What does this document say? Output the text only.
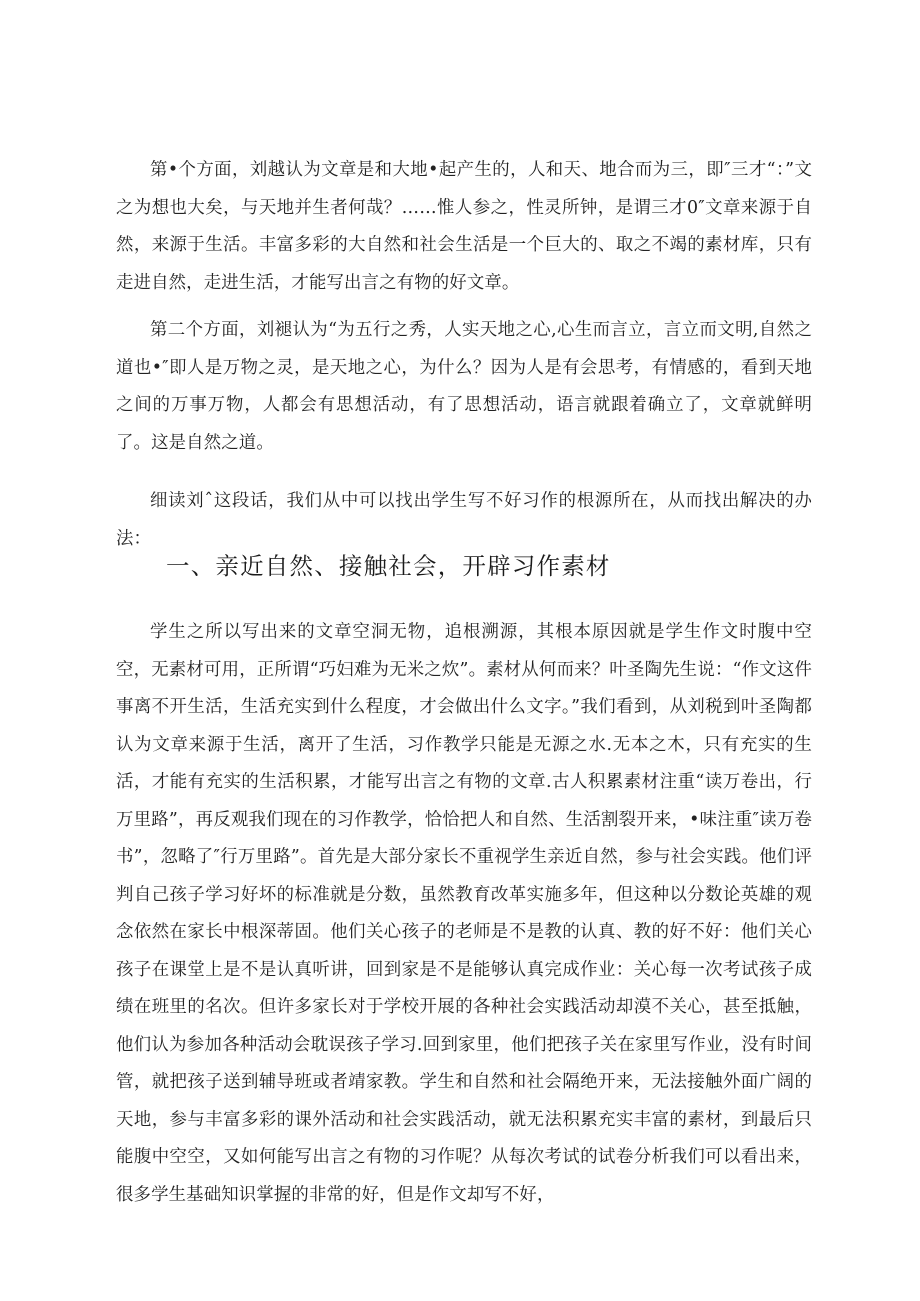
第•个方面，刘越认为文章是和大地•起产生的，人和天、地合而为三，即″三才“：”文之为想也大矣，与天地并生者何哉？……惟人参之，性灵所钟，是谓三才0″文章来源于自然，来源于生活。丰富多彩的大自然和社会生活是一个巨大的、取之不竭的素材库，只有走进自然，走进生活，才能写出言之有物的好文章。

第二个方面，刘褪认为“为五行之秀，人实天地之心,心生而言立，言立而文明,自然之道也•″即人是万物之灵，是天地之心，为什么？因为人是有会思考，有情感的，看到天地之间的万事万物，人都会有思想活动，有了思想活动，语言就跟着确立了，文章就鲜明了。这是自然之道。

细读刘ˆ这段话，我们从中可以找出学生写不好习作的根源所在，从而找出解决的办法：

一、亲近自然、接触社会，开辟习作素材

学生之所以写出来的文章空洞无物，追根溯源，其根本原因就是学生作文时腹中空空，无素材可用，正所谓“巧妇难为无米之炊”。素材从何而来？叶圣陶先生说：“作文这件事离不开生活，生活充实到什么程度，才会做出什么文字。”我们看到，从刘税到叶圣陶都认为文章来源于生活，离开了生活，习作教学只能是无源之水.无本之木，只有充实的生活，才能有充实的生活积累，才能写出言之有物的文章.古人积累素材注重“读万卷出，行万里路”，再反观我们现在的习作教学，恰恰把人和自然、生活割裂开来，•味注重″读万卷书”，忽略了″行万里路”。首先是大部分家长不重视学生亲近自然，参与社会实践。他们评判自己孩子学习好坏的标准就是分数，虽然教育改革实施多年，但这种以分数论英雄的观念依然在家长中根深蒂固。他们关心孩子的老师是不是教的认真、教的好不好：他们关心孩子在课堂上是不是认真听讲，回到家是不是能够认真完成作业：关心每一次考试孩子成绩在班里的名次。但许多家长对于学校开展的各种社会实践活动却漠不关心，甚至抵触，他们认为参加各种活动会耽误孩子学习.回到家里，他们把孩子关在家里写作业，没有时间管，就把孩子送到辅导班或者靖家教。学生和自然和社会隔绝开来，无法接触外面广阔的天地，参与丰富多彩的课外活动和社会实践活动，就无法积累充实丰富的素材，到最后只能腹中空空，又如何能写出言之有物的习作呢？从每次考试的试卷分析我们可以看出来，很多学生基础知识掌握的非常的好，但是作文却写不好，
